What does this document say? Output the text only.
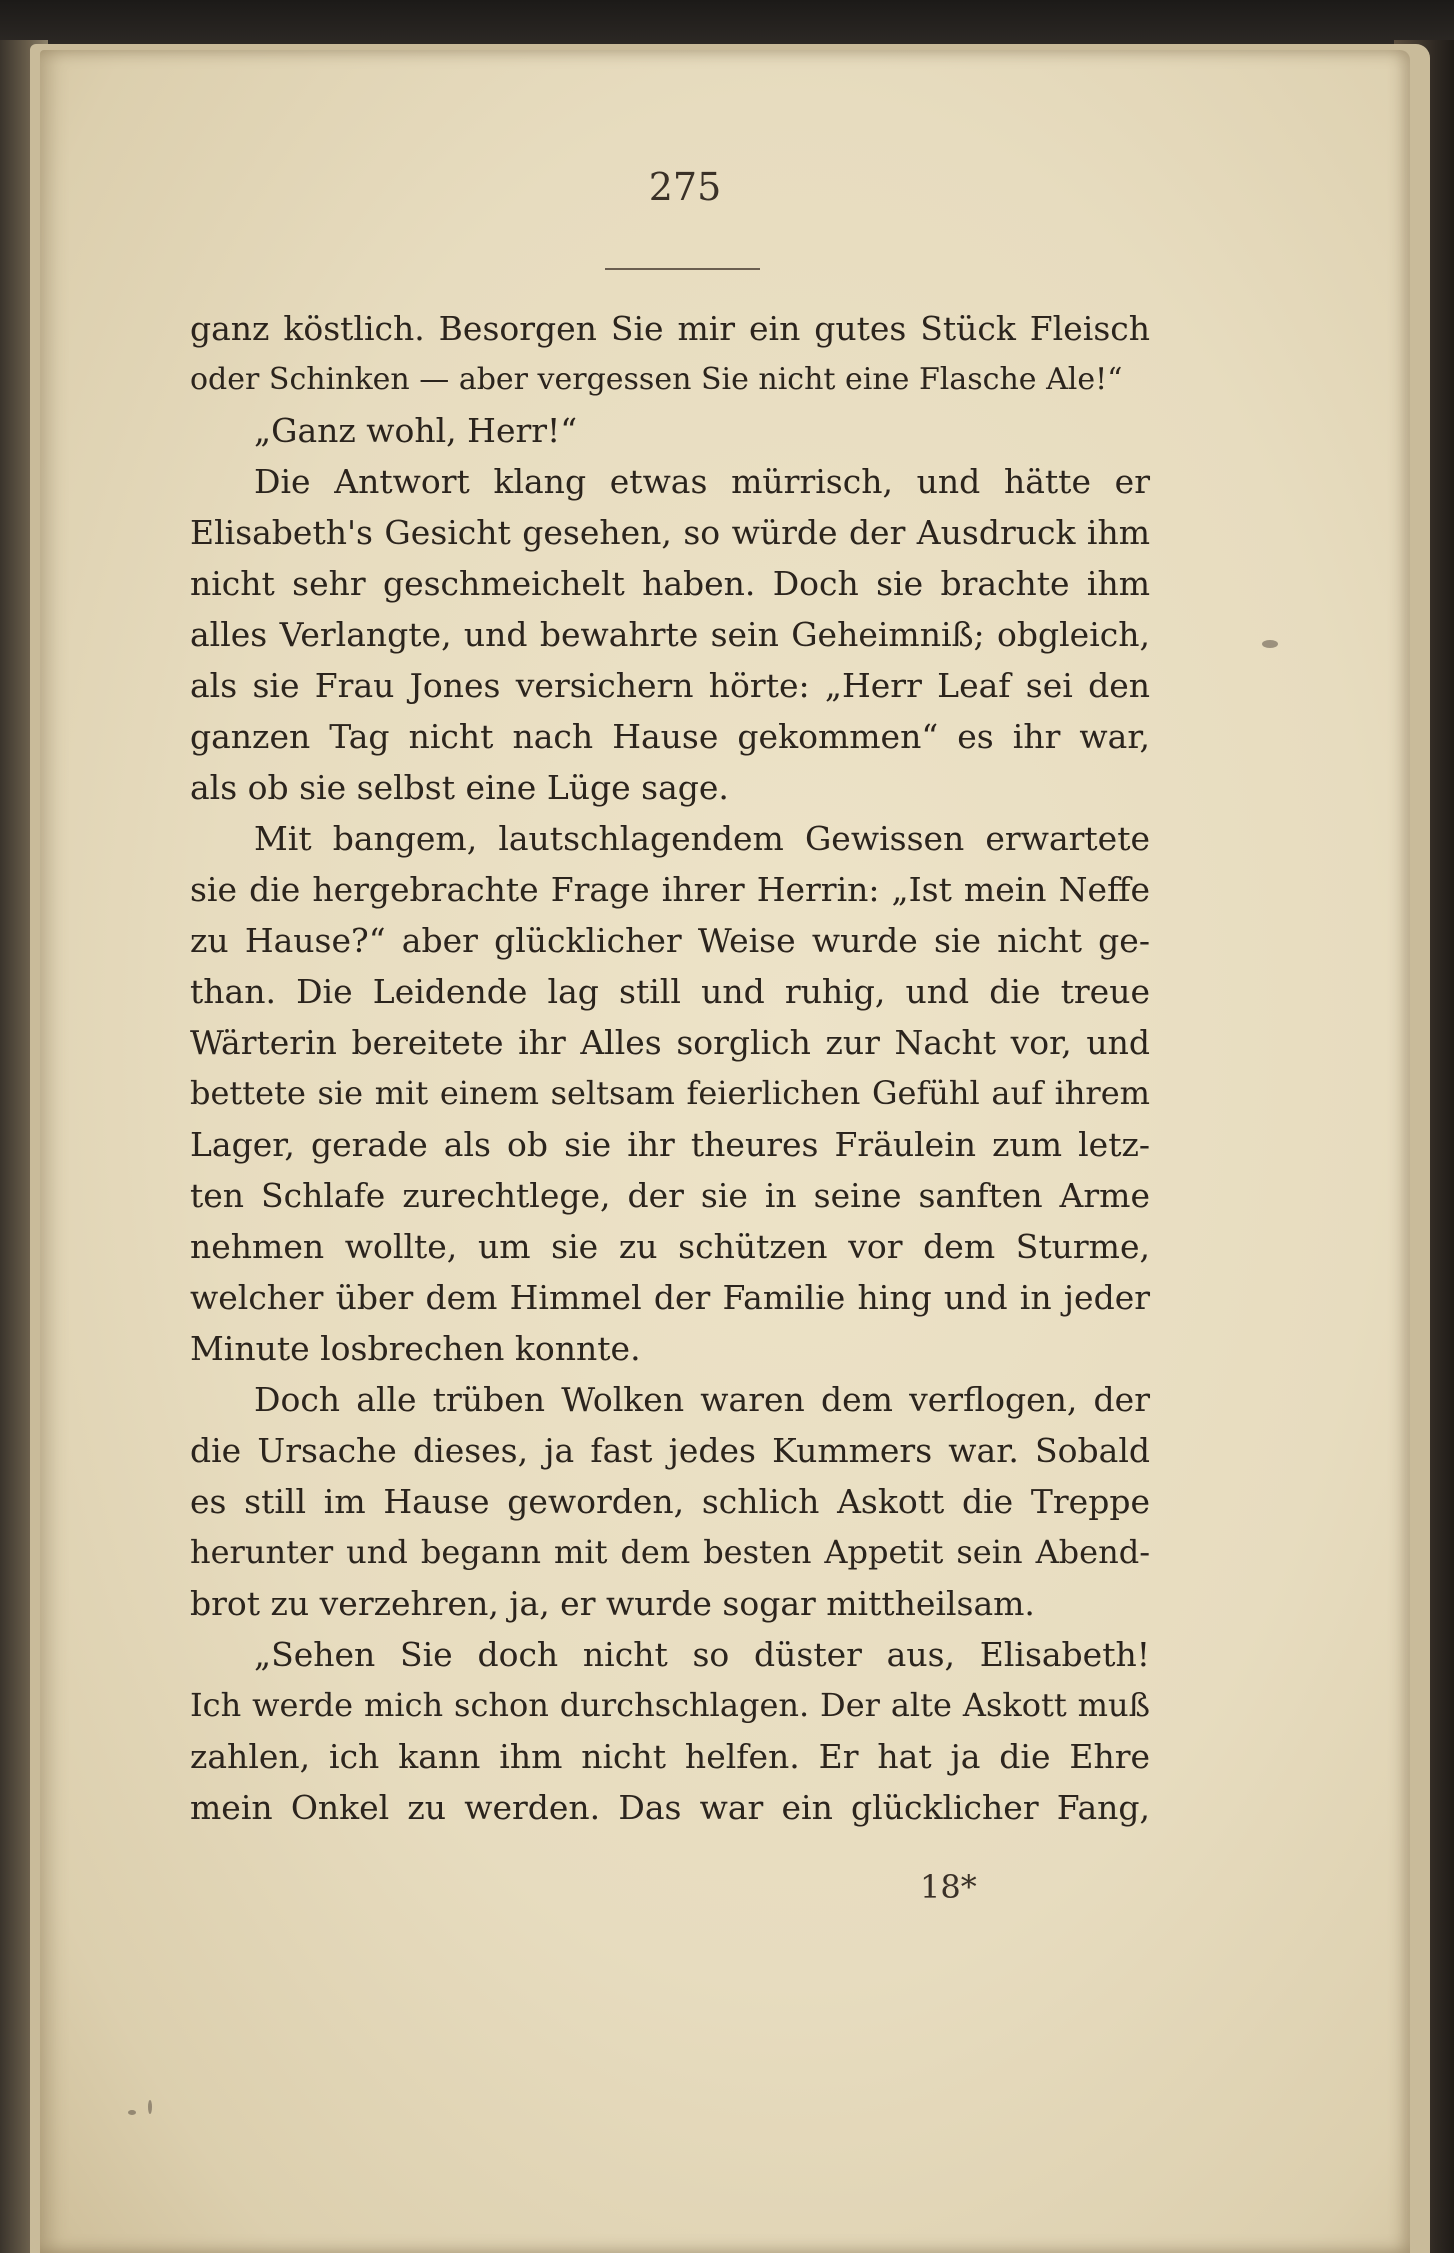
275
ganz köstlich. Besorgen Sie mir ein gutes Stück Fleisch
oder Schinken — aber vergessen Sie nicht eine Flasche Ale!“
„Ganz wohl, Herr!“
Die Antwort klang etwas mürrisch, und hätte er
Elisabeth's Gesicht gesehen, so würde der Ausdruck ihm
nicht sehr geschmeichelt haben. Doch sie brachte ihm
alles Verlangte, und bewahrte sein Geheimniß; obgleich,
als sie Frau Jones versichern hörte: „Herr Leaf sei den
ganzen Tag nicht nach Hause gekommen“ es ihr war,
als ob sie selbst eine Lüge sage.
Mit bangem, lautschlagendem Gewissen erwartete
sie die hergebrachte Frage ihrer Herrin: „Ist mein Neffe
zu Hause?“ aber glücklicher Weise wurde sie nicht ge-
than. Die Leidende lag still und ruhig, und die treue
Wärterin bereitete ihr Alles sorglich zur Nacht vor, und
bettete sie mit einem seltsam feierlichen Gefühl auf ihrem
Lager, gerade als ob sie ihr theures Fräulein zum letz-
ten Schlafe zurechtlege, der sie in seine sanften Arme
nehmen wollte, um sie zu schützen vor dem Sturme,
welcher über dem Himmel der Familie hing und in jeder
Minute losbrechen konnte.
Doch alle trüben Wolken waren dem verflogen, der
die Ursache dieses, ja fast jedes Kummers war. Sobald
es still im Hause geworden, schlich Askott die Treppe
herunter und begann mit dem besten Appetit sein Abend-
brot zu verzehren, ja, er wurde sogar mittheilsam.
„Sehen Sie doch nicht so düster aus, Elisabeth!
Ich werde mich schon durchschlagen. Der alte Askott muß
zahlen, ich kann ihm nicht helfen. Er hat ja die Ehre
mein Onkel zu werden. Das war ein glücklicher Fang,
18*
